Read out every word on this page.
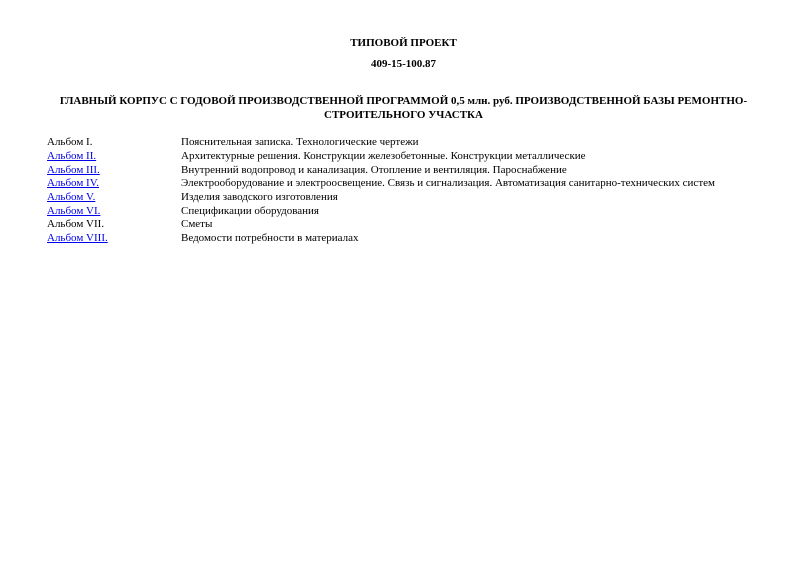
ТИПОВОЙ ПРОЕКТ
409-15-100.87
ГЛАВНЫЙ КОРПУС С ГОДОВОЙ ПРОИЗВОДСТВЕННОЙ ПРОГРАММОЙ 0,5 млн. руб. ПРОИЗВОДСТВЕННОЙ БАЗЫ РЕМОНТНО-
СТРОИТЕЛЬНОГО УЧАСТКА
Альбом I.	Пояснительная записка. Технологические чертежи
Альбом II.	Архитектурные решения. Конструкции железобетонные. Конструкции металлические
Альбом III.	Внутренний водопровод и канализация. Отопление и вентиляция. Пароснабжение
Альбом IV.	Электрооборудование и электроосвещение. Связь и сигнализация. Автоматизация санитарно-технических систем
Альбом V.	Изделия заводского изготовления
Альбом VI.	Спецификации оборудования
Альбом VII.	Сметы
Альбом VIII.	Ведомости потребности в материалах
